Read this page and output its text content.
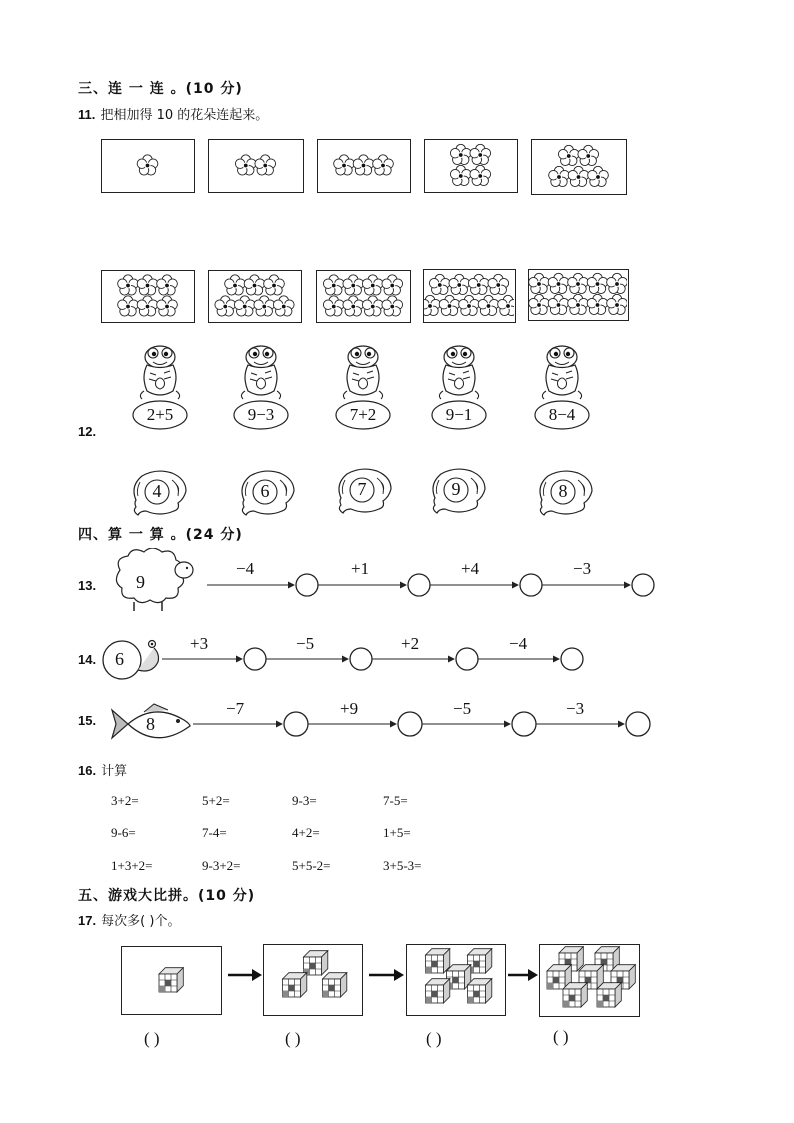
三、连 一 连 。(10 分)
11. 把相加得 10 的花朵连起来。
12.
2+5	9−3	7+2	9−1	8−4
4	6	7	9	8
四、算 一 算 。(24 分)
13. 9
−4	+1	+4	−3
14. 6
+3	−5	+2	−4
15.	8
−7	+9	−5	−3
16. 计算
3+2=	5+2=	9-3=	7-5=
9-6=	7-4=	4+2=	1+5=
1+3+2=	9-3+2=	5+5-2=	3+5-3=
五、游戏大比拼。(10 分)
17. 每次多( )个。
( )	( )	( )	( )
